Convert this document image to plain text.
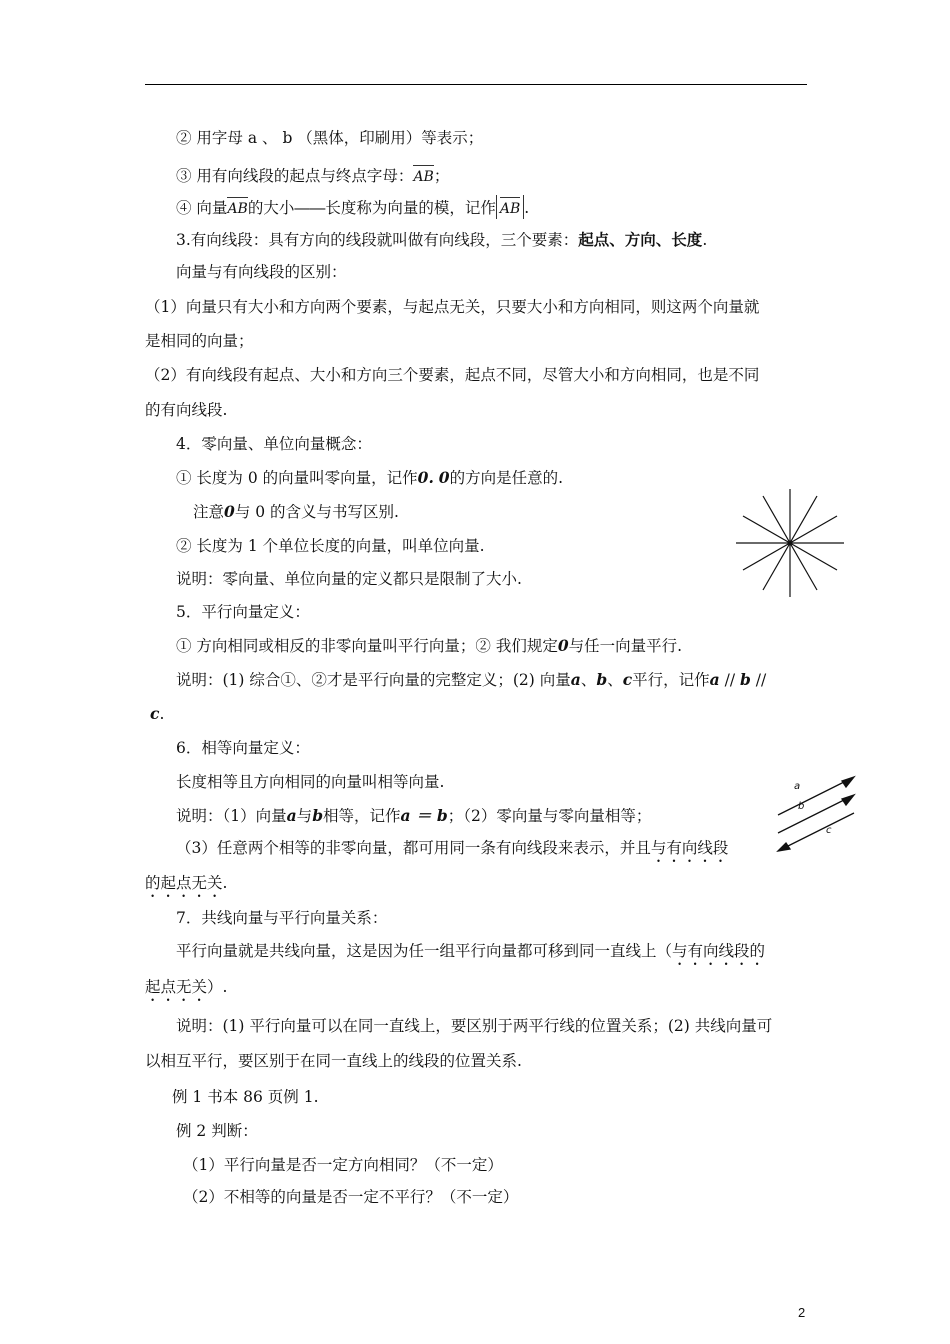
② 用字母 a 、 b （黑体，印刷用）等表示；
③ 用有向线段的起点与终点字母：AB；
④ 向量AB的大小――长度称为向量的模，记作 AB .
3.有向线段：具有方向的线段就叫做有向线段，三个要素：起点、方向、长度.
向量与有向线段的区别：
（1）向量只有大小和方向两个要素，与起点无关，只要大小和方向相同，则这两个向量就
是相同的向量；
（2）有向线段有起点、大小和方向三个要素，起点不同，尽管大小和方向相同，也是不同
的有向线段.
4．零向量、单位向量概念：
① 长度为 0 的向量叫零向量，记作0. 0的方向是任意的.
注意0与 0 的含义与书写区别.
② 长度为 1 个单位长度的向量，叫单位向量.
说明：零向量、单位向量的定义都只是限制了大小.
5．平行向量定义：
① 方向相同或相反的非零向量叫平行向量；② 我们规定0与任一向量平行.
说明：(1) 综合①、②才是平行向量的完整定义；(2) 向量a、b、c平行，记作a // b //
c.
6．相等向量定义：
长度相等且方向相同的向量叫相等向量.
说明：（1）向量a与b相等，记作a ＝ b；（2）零向量与零向量相等；
（3）任意两个相等的非零向量，都可用同一条有向线段来表示，并且与有向线段
的起点无关.
7．共线向量与平行向量关系：
平行向量就是共线向量，这是因为任一组平行向量都可移到同一直线上（与有向线段的
起点无关）.
说明：(1) 平行向量可以在同一直线上，要区别于两平行线的位置关系；(2) 共线向量可
以相互平行，要区别于在同一直线上的线段的位置关系.
例 1 书本 86 页例 1.
例 2 判断：
（1）平行向量是否一定方向相同？（不一定）
（2）不相等的向量是否一定不平行？（不一定）
a
b
c
2
